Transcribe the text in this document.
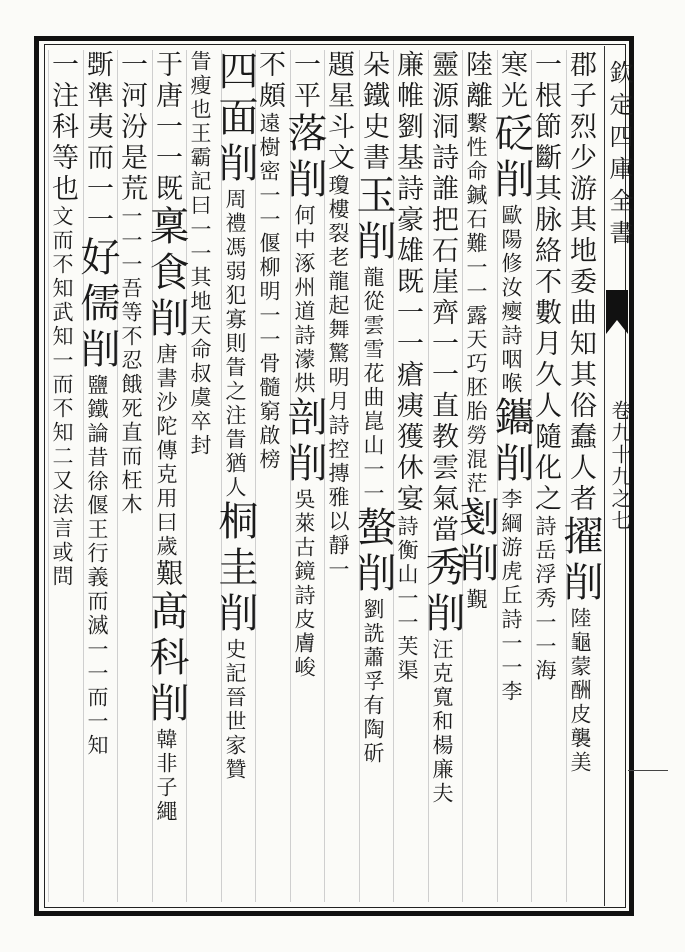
欽定四庫全書
卷九十九之七
郡子烈少游其地委曲知其俗蠢人者擢削陸龜蒙酬皮襲美
一根節斷其脉絡不數月久人隨化之詩岳浮秀一一海
寒光砭削歐陽修汝瘿詩咽喉鑴削李綱游虎丘詩一一李
陸離繫性命鍼石難一一露天巧胚胎勞混茫剗削覲
靈源洞詩誰把石崖齊一一直教雲氣當秀削汪克寬和楊廉夫
廉帷劉基詩豪雄既一一瘡痍獲休宴詩衡山一一芙渠
朵鐵史書玉削龍從雲雪花曲崑山一一螯削劉詵蕭孚有陶斫
題星斗文瓊樓裂老龍起舞驚明月詩控摶雅以靜一
一平落削何中涿州道詩濛烘剖削吳萊古鏡詩皮膚峻
不頗遠樹密一一偃柳明一一骨髓窮啟榜
四面削周禮馮弱犯寡則眚之注眚猶人桐圭削史記晉世家贊
眚瘦也王霸記曰一一其地天命叔虞卒封
于唐一一既稟食削唐書沙陀傳克用曰歲艱髙科削韓非子繩
一河汾是荒一一一吾等不忍餓死直而枉木
斲準夷而一一好儒削鹽鐵論昔徐偃王行義而滅一一而一知
一注科等也文而不知武知一而不知二又法言或問
